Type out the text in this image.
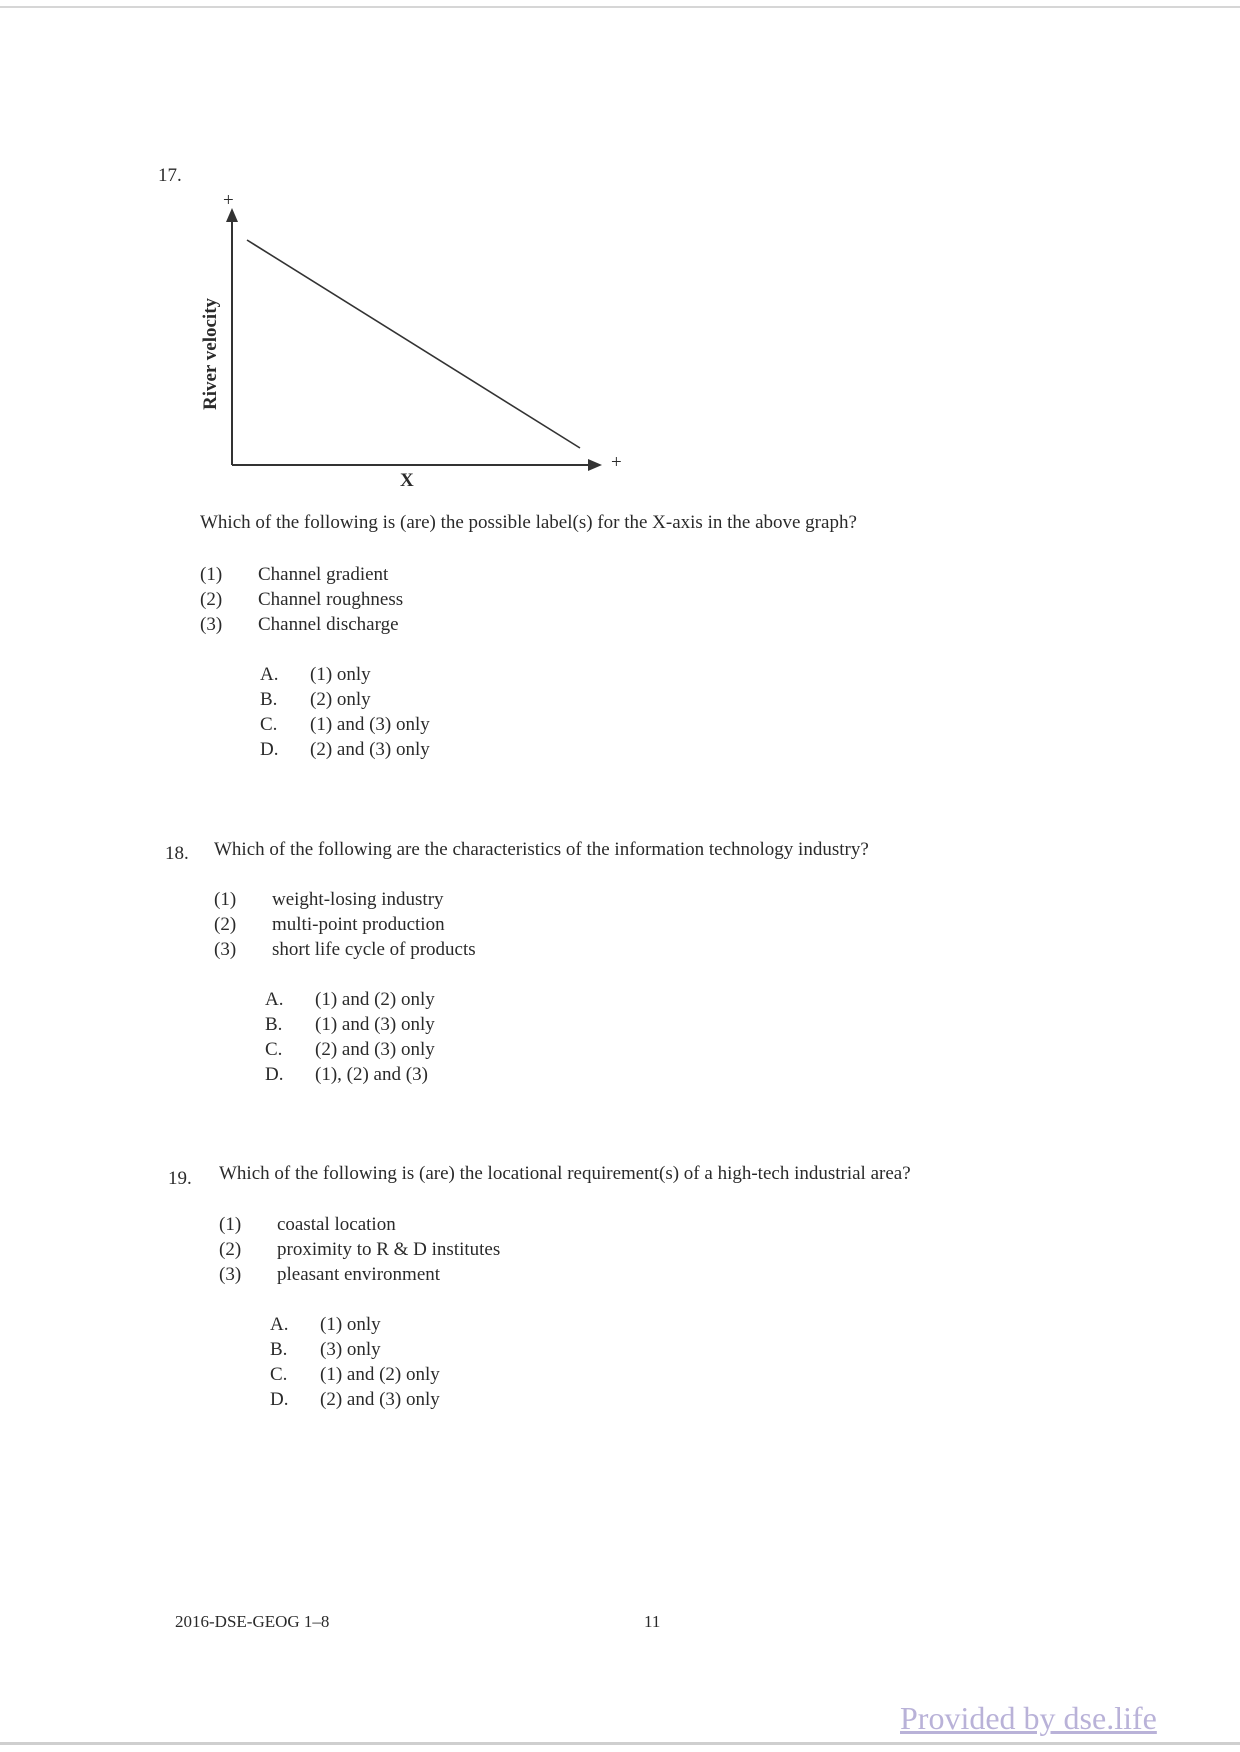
17.
+
+
River velocity
X
Which of the following is (are) the possible label(s) for the X-axis in the above graph?
(1) Channel gradient
(2) Channel roughness
(3) Channel discharge
A. (1) only
B. (2) only
C. (1) and (3) only
D. (2) and (3) only
18. Which of the following are the characteristics of the information technology industry?
(1) weight-losing industry
(2) multi-point production
(3) short life cycle of products
A. (1) and (2) only
B. (1) and (3) only
C. (2) and (3) only
D. (1), (2) and (3)
19. Which of the following is (are) the locational requirement(s) of a high-tech industrial area?
(1) coastal location
(2) proximity to R & D institutes
(3) pleasant environment
A. (1) only
B. (3) only
C. (1) and (2) only
D. (2) and (3) only
2016-DSE-GEOG 1–8	11
Provided by dse.life
